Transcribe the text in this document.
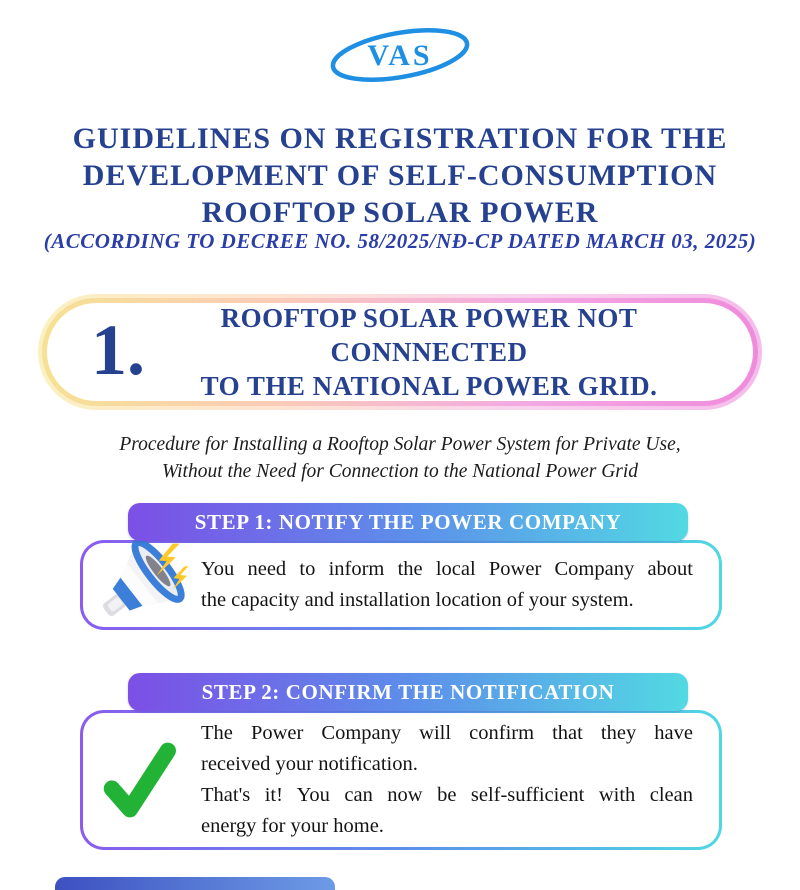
VAS
GUIDELINES ON REGISTRATION FOR THE
DEVELOPMENT OF SELF-CONSUMPTION
ROOFTOP SOLAR POWER
(ACCORDING TO DECREE NO. 58/2025/NĐ-CP DATED MARCH 03, 2025)
1.	ROOFTOP SOLAR POWER NOT CONNNECTED
TO THE NATIONAL POWER GRID.
Procedure for Installing a Rooftop Solar Power System for Private Use,
Without the Need for Connection to the National Power Grid
STEP 1: NOTIFY THE POWER COMPANY
You need to inform the local Power Company about
the capacity and installation location of your system.
STEP 2: CONFIRM THE NOTIFICATION
The Power Company will confirm that they have
received your notification.
That's it! You can now be self-sufficient with clean
energy for your home.
